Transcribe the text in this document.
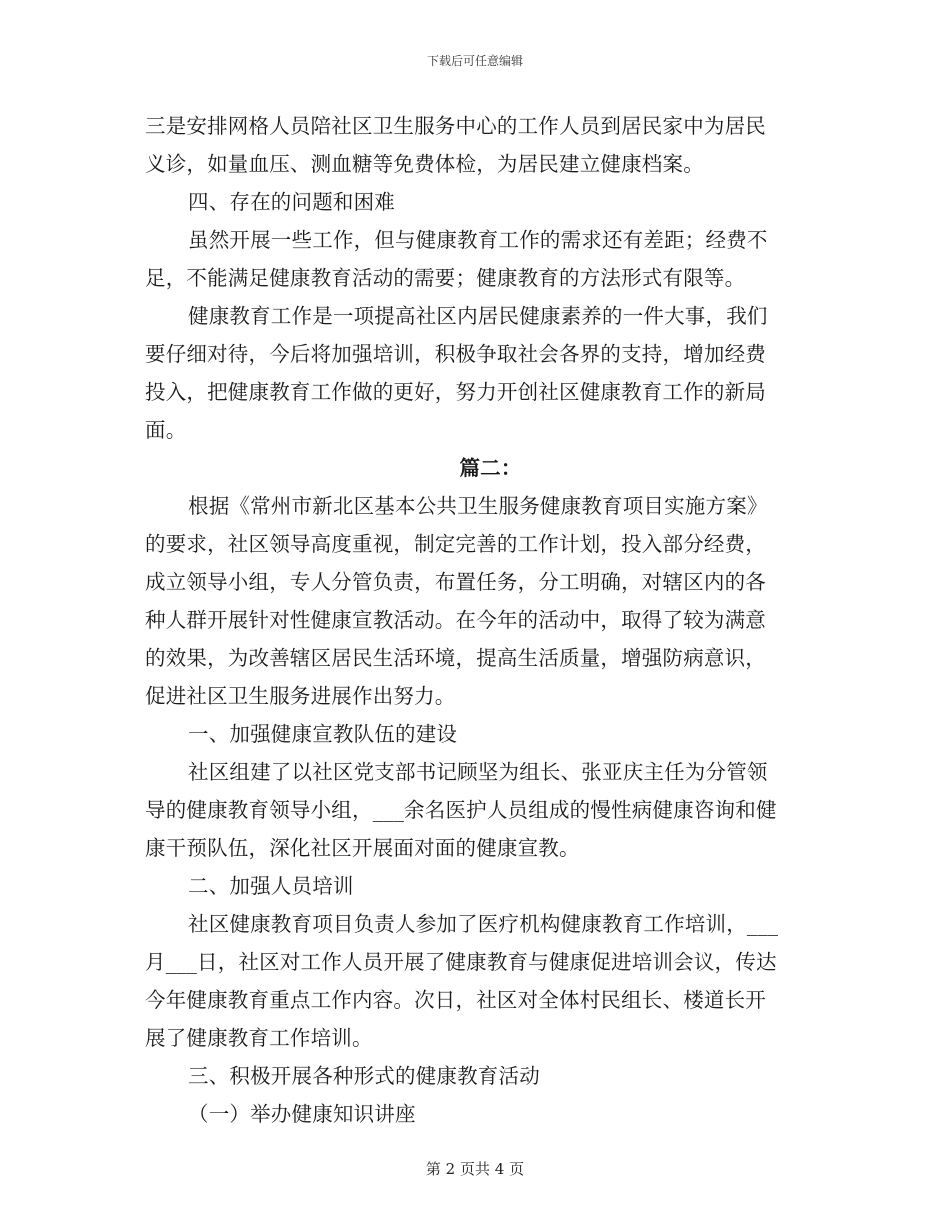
下载后可任意编辑
三是安排网格人员陪社区卫生服务中心的工作人员到居民家中为居民
义诊，如量血压、测血糖等免费体检，为居民建立健康档案。
四、存在的问题和困难
虽然开展一些工作，但与健康教育工作的需求还有差距；经费不
足，不能满足健康教育活动的需要；健康教育的方法形式有限等。
健康教育工作是一项提高社区内居民健康素养的一件大事，我们
要仔细对待，今后将加强培训，积极争取社会各界的支持，增加经费
投入，把健康教育工作做的更好，努力开创社区健康教育工作的新局
面。
篇二：
根据《常州市新北区基本公共卫生服务健康教育项目实施方案》
的要求，社区领导高度重视，制定完善的工作计划，投入部分经费，
成立领导小组，专人分管负责，布置任务，分工明确，对辖区内的各
种人群开展针对性健康宣教活动。在今年的活动中，取得了较为满意
的效果，为改善辖区居民生活环境，提高生活质量，增强防病意识，
促进社区卫生服务进展作出努力。
一、加强健康宣教队伍的建设
社区组建了以社区党支部书记顾坚为组长、张亚庆主任为分管领
导的健康教育领导小组，___余名医护人员组成的慢性病健康咨询和健
康干预队伍，深化社区开展面对面的健康宣教。
二、加强人员培训
社区健康教育项目负责人参加了医疗机构健康教育工作培训，___
月___日，社区对工作人员开展了健康教育与健康促进培训会议，传达
今年健康教育重点工作内容。次日，社区对全体村民组长、楼道长开
展了健康教育工作培训。
三、积极开展各种形式的健康教育活动
（一）举办健康知识讲座
第 2 页共 4 页
